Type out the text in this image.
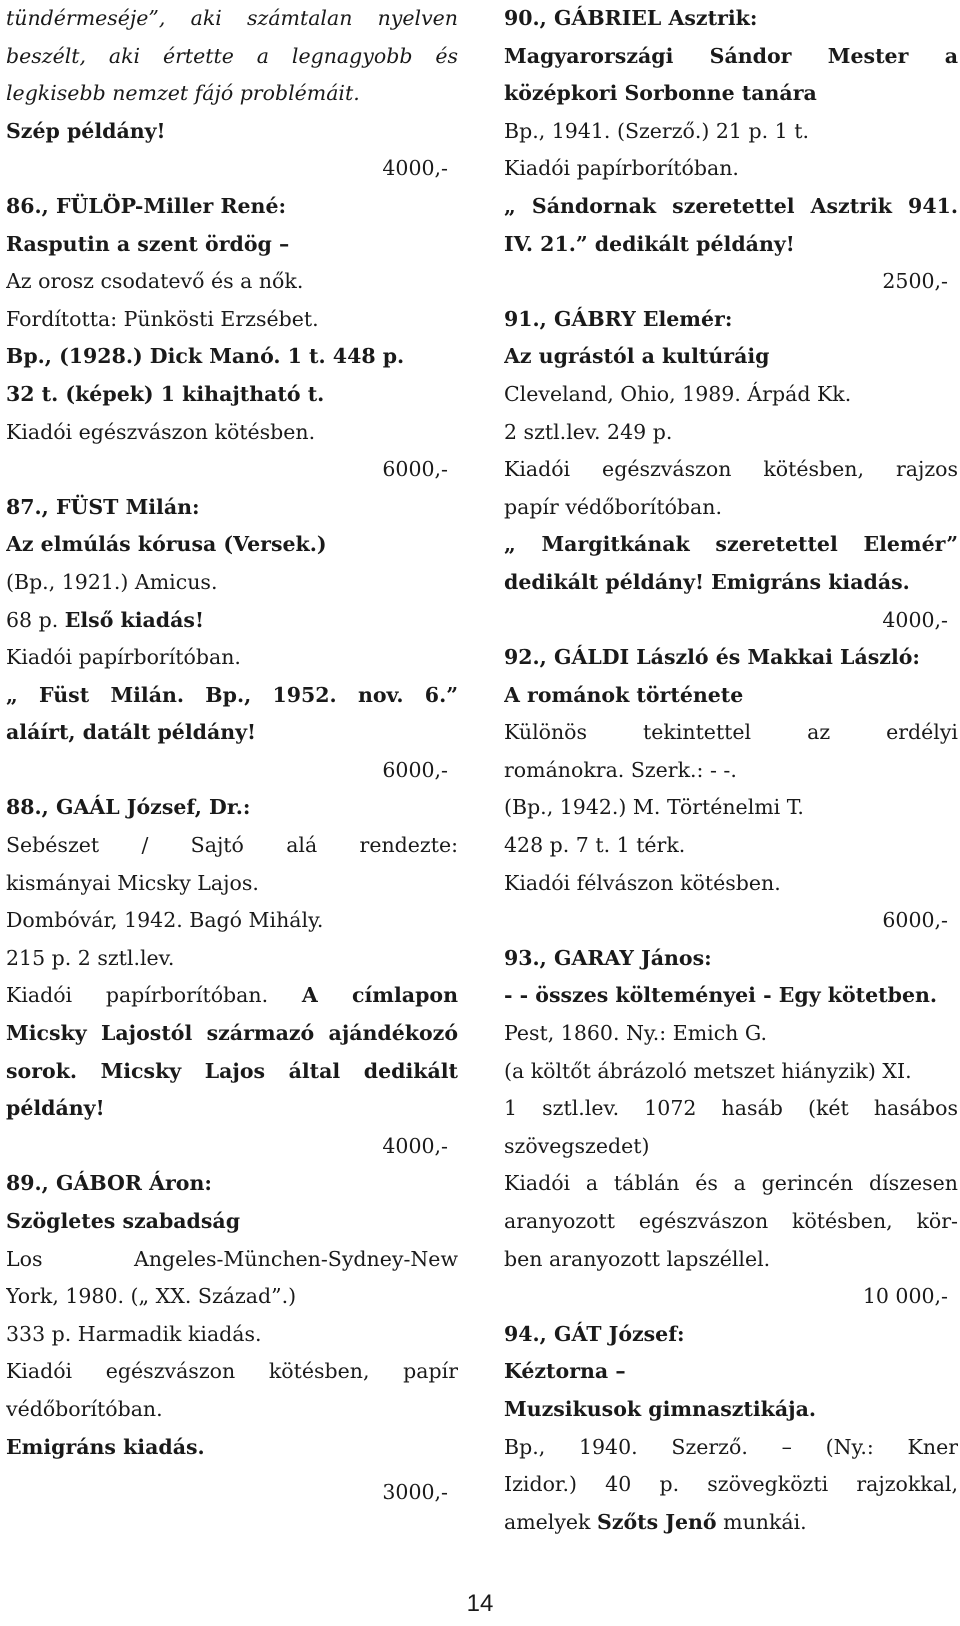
tündérmeséje”, aki számtalan nyelven
beszélt, aki értette a legnagyobb és
legkisebb nemzet fájó problémáit.
Szép példány!
4000,-
86., FÜLÖP-Miller René:
Rasputin a szent ördög –
Az orosz csodatevő és a nők.
Fordította: Pünkösti Erzsébet.
Bp., (1928.) Dick Manó. 1 t. 448 p.
32 t. (képek) 1 kihajtható t.
Kiadói egészvászon kötésben.
6000,-
87., FÜST Milán:
Az elmúlás kórusa (Versek.)
(Bp., 1921.) Amicus.
68 p. Első kiadás!
Kiadói papírborítóban.
„ Füst Milán. Bp., 1952. nov. 6.”
aláírt, datált példány!
6000,-
88., GAÁL József, Dr.:
Sebészet / Sajtó alá rendezte:
kismányai Micsky Lajos.
Dombóvár, 1942. Bagó Mihály.
215 p. 2 sztl.lev.
Kiadói papírborítóban. A címlapon
Micsky Lajostól származó ajándékozó
sorok. Micsky Lajos által dedikált
példány!
4000,-
89., GÁBOR Áron:
Szögletes szabadság
Los Angeles-München-Sydney-New
York, 1980. („ XX. Század”.)
333 p. Harmadik kiadás.
Kiadói egészvászon kötésben, papír
védőborítóban.
Emigráns kiadás.
3000,-
90., GÁBRIEL Asztrik:
Magyarországi Sándor Mester a
középkori Sorbonne tanára
Bp., 1941. (Szerző.) 21 p. 1 t.
Kiadói papírborítóban.
„ Sándornak szeretettel Asztrik 941.
IV. 21.” dedikált példány!
2500,-
91., GÁBRY Elemér:
Az ugrástól a kultúráig
Cleveland, Ohio, 1989. Árpád Kk.
2 sztl.lev. 249 p.
Kiadói egészvászon kötésben, rajzos
papír védőborítóban.
„ Margitkának szeretettel Elemér”
dedikált példány! Emigráns kiadás.
4000,-
92., GÁLDI László és Makkai László:
A románok története
Különös tekintettel az erdélyi
románokra. Szerk.: - -.
(Bp., 1942.) M. Történelmi T.
428 p. 7 t. 1 térk.
Kiadói félvászon kötésben.
6000,-
93., GARAY János:
- - összes költeményei - Egy kötetben.
Pest, 1860. Ny.: Emich G.
(a költőt ábrázoló metszet hiányzik) XI.
1 sztl.lev. 1072 hasáb (két hasábos
szövegszedet)
Kiadói a táblán és a gerincén díszesen
aranyozott egészvászon kötésben, kör-
ben aranyozott lapszéllel.
10 000,-
94., GÁT József:
Kéztorna –
Muzsikusok gimnasztikája.
Bp., 1940. Szerző. – (Ny.: Kner
Izidor.) 40 p. szövegközti rajzokkal,
amelyek Szőts Jenő munkái.
14
